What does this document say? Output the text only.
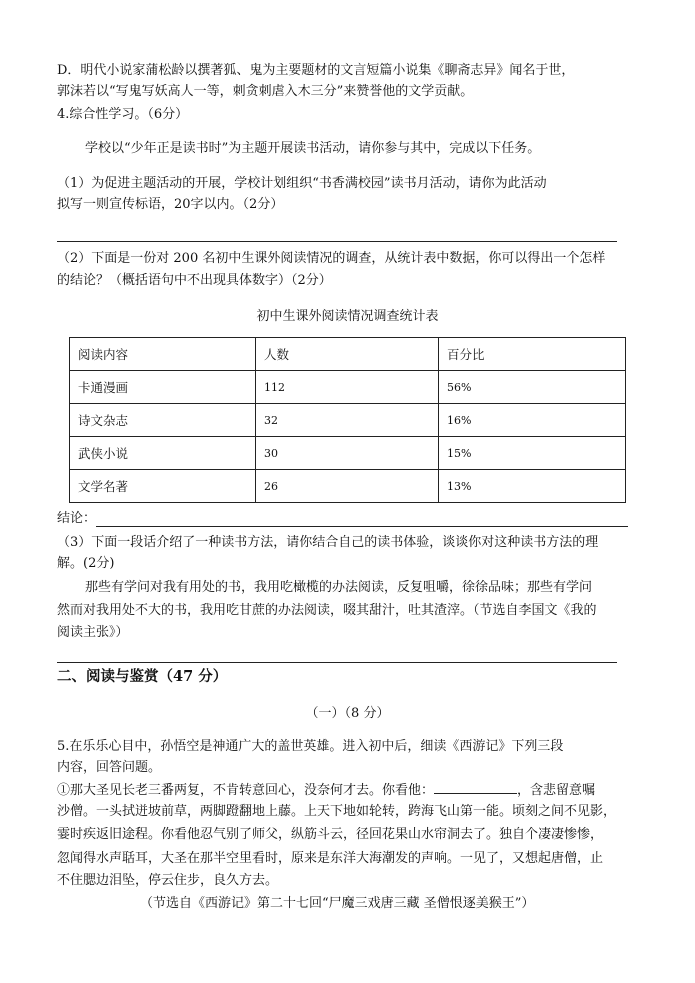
D．明代小说家蒲松龄以撰著狐、鬼为主要题材的文言短篇小说集《聊斋志异》闻名于世，
郭沫若以“写鬼写妖高人一等，刺贪刺虐入木三分”来赞誉他的文学贡献。
4.综合性学习。（6分）
学校以“少年正是读书时”为主题开展读书活动，请你参与其中，完成以下任务。
（1）为促进主题活动的开展，学校计划组织“书香满校园”读书月活动，请你为此活动
拟写一则宣传标语，20字以内。（2分）
（2）下面是一份对 200 名初中生课外阅读情况的调查，从统计表中数据，你可以得出一个怎样
的结论？（概括语句中不出现具体数字）（2分）
初中生课外阅读情况调查统计表
阅读内容	人数	百分比
卡通漫画	112	56%
诗文杂志	32	16%
武侠小说	30	15%
文学名著	26	13%
结论：
（3）下面一段话介绍了一种读书方法，请你结合自己的读书体验，谈谈你对这种读书方法的理
解。(2分)
那些有学问对我有用处的书，我用吃橄榄的办法阅读，反复咀嚼，徐徐品味；那些有学问
然而对我用处不大的书，我用吃甘蔗的办法阅读，啜其甜汁，吐其渣滓。（节选自李国文《我的
阅读主张》）
二、阅读与鉴赏（47 分）
（一）（8 分）
5.在乐乐心目中，孙悟空是神通广大的盖世英雄。进入初中后，细读《西游记》下列三段
内容，回答问题。
①那大圣见长老三番两复，不肯转意回心，没奈何才去。你看他：	，含悲留意嘱
沙僧。一头拭迸坡前草，两脚蹬翻地上藤。上天下地如轮转，跨海飞山第一能。顷刻之间不见影，
霎时疾返旧途程。你看他忍气别了师父，纵筋斗云，径回花果山水帘洞去了。独自个凄凄惨惨，
忽闻得水声聒耳，大圣在那半空里看时，原来是东洋大海潮发的声响。一见了，又想起唐僧，止
不住腮边泪坠，停云住步，良久方去。
（节选自《西游记》第二十七回“尸魔三戏唐三藏 圣僧恨逐美猴王”）
